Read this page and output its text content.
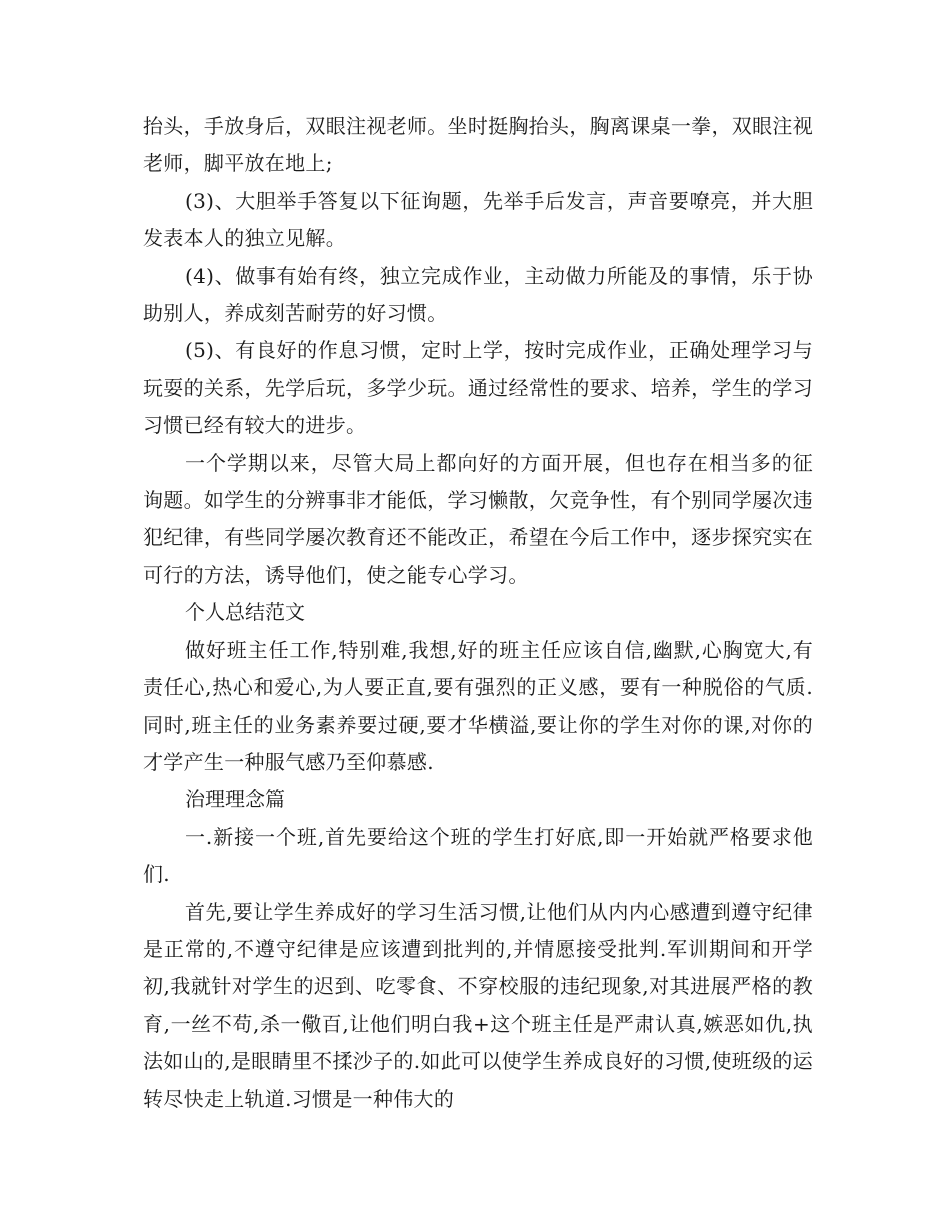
抬头，手放身后，双眼注视老师。坐时挺胸抬头，胸离课桌一拳，双眼注视老师，脚平放在地上;

(3)、大胆举手答复以下征询题，先举手后发言，声音要嘹亮，并大胆发表本人的独立见解。

(4)、做事有始有终，独立完成作业，主动做力所能及的事情，乐于协助别人，养成刻苦耐劳的好习惯。

(5)、有良好的作息习惯，定时上学，按时完成作业，正确处理学习与玩耍的关系，先学后玩，多学少玩。通过经常性的要求、培养，学生的学习习惯已经有较大的进步。

一个学期以来，尽管大局上都向好的方面开展，但也存在相当多的征询题。如学生的分辨事非才能低，学习懒散，欠竞争性，有个别同学屡次违犯纪律，有些同学屡次教育还不能改正，希望在今后工作中，逐步探究实在可行的方法，诱导他们，使之能专心学习。

个人总结范文

做好班主任工作,特别难,我想,好的班主任应该自信,幽默,心胸宽大,有责任心,热心和爱心,为人要正直,要有强烈的正义感，要有一种脱俗的气质.同时,班主任的业务素养要过硬,要才华横溢,要让你的学生对你的课,对你的才学产生一种服气感乃至仰慕感.

治理理念篇

一.新接一个班,首先要给这个班的学生打好底,即一开始就严格要求他们.

首先,要让学生养成好的学习生活习惯,让他们从内内心感遭到遵守纪律是正常的,不遵守纪律是应该遭到批判的,并情愿接受批判.军训期间和开学初,我就针对学生的迟到、吃零食、不穿校服的违纪现象,对其进展严格的教育,一丝不苟,杀一儆百,让他们明白我+这个班主任是严肃认真,嫉恶如仇,执法如山的,是眼睛里不揉沙子的.如此可以使学生养成良好的习惯,使班级的运转尽快走上轨道.习惯是一种伟大的
